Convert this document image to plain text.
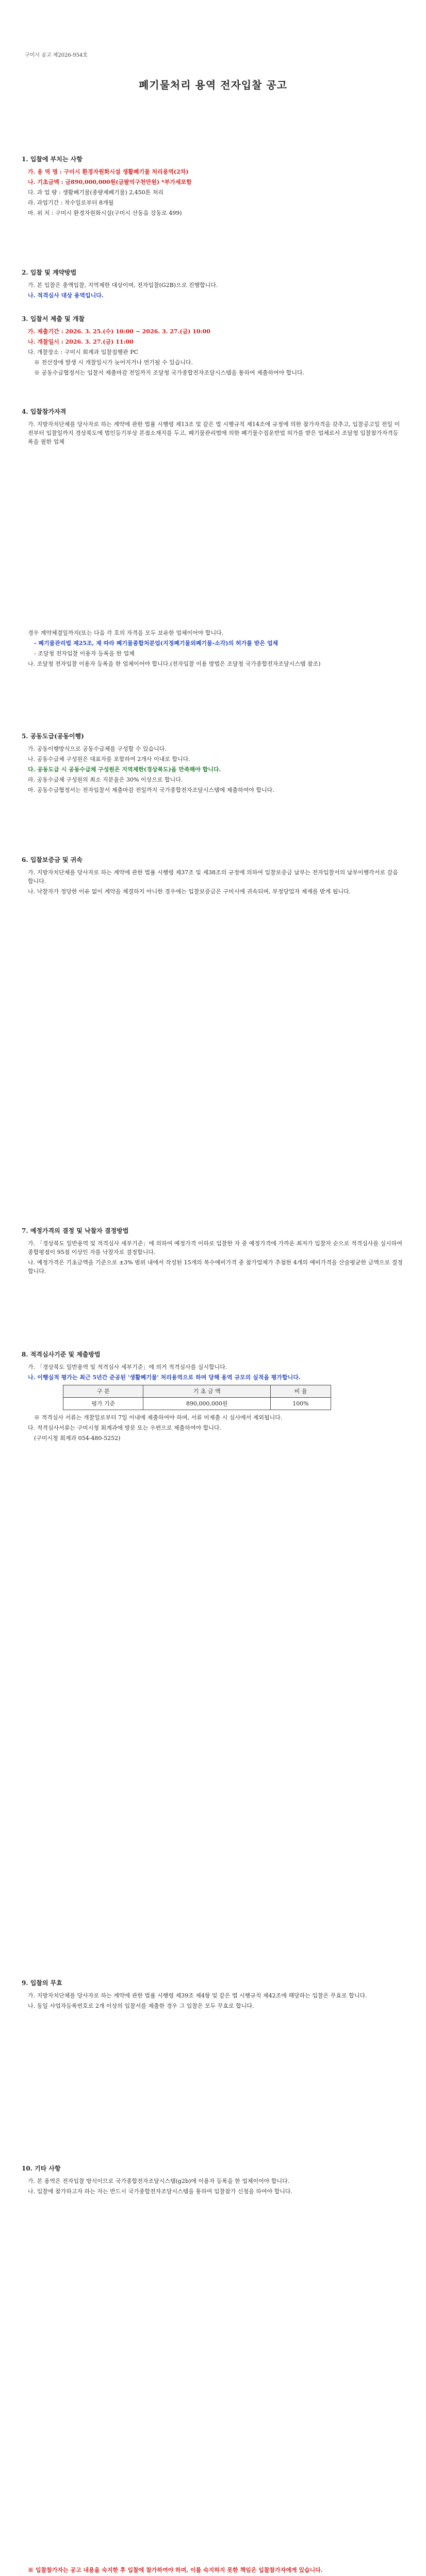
구미시 공고 제2026-954호
폐기물처리 용역 전자입찰 공고
1. 입찰에 부치는 사항
가. 용 역 명 : 구미시 환경자원화시설 생활폐기물 처리용역(2차)
나. 기초금액 : 금890,000,000원(금팔억구천만원) *부가세포함
다. 과 업 량 : 생활폐기물(종량제폐기물) 2,450톤 처리
라. 과업기간 : 착수일로부터 8개월
마. 위 치 : 구미시 환경자원화시설(구미시 산동읍 강동로 499)
2. 입찰 및 계약방법
가. 본 입찰은 총액입찰, 지역제한 대상이며, 전자입찰(G2B)으로 진행합니다.
나. 적격심사 대상 용역입니다.
3. 입찰서 제출 및 개찰
가. 제출기간 : 2026. 3. 25.(수) 10:00 ~ 2026. 3. 27.(금) 10:00
나. 개찰일시 : 2026. 3. 27.(금) 11:00
다. 개찰장소 : 구미시 회계과 입찰집행관 PC
※ 전산장애 발생 시 개찰일시가 늦어지거나 연기될 수 있습니다.
※ 공동수급협정서는 입찰서 제출마감 전일까지 조달청 국가종합전자조달시스템을 통하여 제출하여야 합니다.
4. 입찰참가자격
가. 지방자치단체를 당사자로 하는 계약에 관한 법률 시행령 제13조 및 같은 법 시행규칙 제14조에 규정에 의한 참가자격을 갖추고, 입찰공고일 전일 이전부터 입찰일까지 경상북도에 법인등기부상 본점소재지를 두고, 폐기물관리법에 의한 폐기물수집운반업 허가를 받은 업체로서 조달청 입찰참가자격등록을 필한 업체
경우 계약체결일까지(또는 다음 각 호의 자격을 모두 보유한 업체이어야 합니다.
- 폐기물관리법 제25조, 제 따라 폐기물종합처분업(지정폐기물외폐기물-소각)의 허가를 받은 업체
- 조달청 전자입찰 이용자 등록을 한 업체
나. 조달청 전자입찰 이용자 등록을 한 업체이어야 합니다.(전자입찰 이용 방법은 조달청 국가종합전자조달시스템 참조)
5. 공동도급(공동이행)
가. 공동이행방식으로 공동수급체를 구성할 수 있습니다.
나. 공동수급체 구성원은 대표자를 포함하여 2개사 이내로 합니다.
다. 공동도급 시 공동수급체 구성원은 지역제한(경상북도)을 만족해야 합니다.
라. 공동수급체 구성원의 최소 지분율은 30% 이상으로 합니다.
마. 공동수급협정서는 전자입찰서 제출마감 전일까지 국가종합전자조달시스템에 제출하여야 합니다.
6. 입찰보증금 및 귀속
가. 지방자치단체를 당사자로 하는 계약에 관한 법률 시행령 제37조 및 제38조의 규정에 의하여 입찰보증금 납부는 전자입찰서의 납부이행각서로 갈음합니다.
나. 낙찰자가 정당한 이유 없이 계약을 체결하지 아니한 경우에는 입찰보증금은 구미시에 귀속되며, 부정당업자 제재를 받게 됩니다.
7. 예정가격의 결정 및 낙찰자 결정방법
가. 「경상북도 일반용역 및 적격심사 세부기준」에 의하여 예정가격 이하로 입찰한 자 중 예정가격에 가까운 최저가 입찰자 순으로 적격심사를 실시하여 종합평점이 95점 이상인 자를 낙찰자로 결정합니다.
나. 예정가격은 기초금액을 기준으로 ±3% 범위 내에서 작성된 15개의 복수예비가격 중 참가업체가 추첨한 4개의 예비가격을 산술평균한 금액으로 결정합니다.
8. 적격심사기준 및 제출방법
가. 「경상북도 일반용역 및 적격심사 세부기준」에 의거 적격심사를 실시합니다.
나. 이행실적 평가는 최근 5년간 준공된 '생활폐기물' 처리용역으로 하며 당해 용역 규모의 실적을 평가합니다.
구 분	기 초 금 액	비 율
평가 기준	890,000,000원	100%
※ 적격심사 서류는 개찰일로부터 7일 이내에 제출하여야 하며, 서류 미제출 시 심사에서 제외됩니다.
다. 적격심사서류는 구미시청 회계과에 방문 또는 우편으로 제출하여야 합니다.
(구미시청 회계과 054-480-5252)
9. 입찰의 무효
가. 지방자치단체를 당사자로 하는 계약에 관한 법률 시행령 제39조 제4항 및 같은 법 시행규칙 제42조에 해당하는 입찰은 무효로 합니다.
나. 동일 사업자등록번호로 2개 이상의 입찰서를 제출한 경우 그 입찰은 모두 무효로 합니다.
10. 기타 사항
가. 본 용역은 전자입찰 방식이므로 국가종합전자조달시스템(g2b)에 이용자 등록을 한 업체이어야 합니다.
나. 입찰에 참가하고자 하는 자는 반드시 국가종합전자조달시스템을 통하여 입찰참가 신청을 하여야 합니다.
※ 입찰참가자는 공고 내용을 숙지한 후 입찰에 참가하여야 하며, 이를 숙지하지 못한 책임은 입찰참가자에게 있습니다.
